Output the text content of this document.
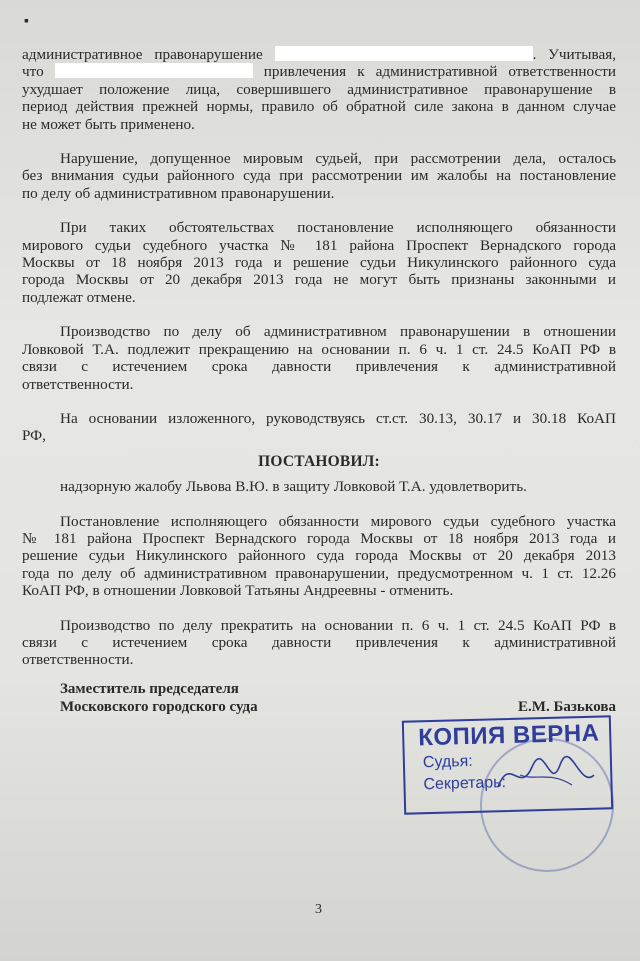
▪
административное правонарушение	. Учитывая,
что	привлечения к административной ответственности
ухудшает положение лица, совершившего административное правонарушение в
период действия прежней нормы, правило об обратной силе закона в данном случае
не может быть применено.
Нарушение, допущенное мировым судьей, при рассмотрении дела, осталось
без внимания судьи районного суда при рассмотрении им жалобы на постановление
по делу об административном правонарушении.
При таких обстоятельствах постановление исполняющего обязанности
мирового судьи судебного участка № 181 района Проспект Вернадского города
Москвы от 18 ноября 2013 года и решение судьи Никулинского районного суда
города Москвы от 20 декабря 2013 года не могут быть признаны законными и
подлежат отмене.
Производство по делу об административном правонарушении в отношении
Ловковой Т.А. подлежит прекращению на основании п. 6 ч. 1 ст. 24.5 КоАП РФ в
связи с истечением срока давности привлечения к административной
ответственности.
На основании изложенного, руководствуясь ст.ст. 30.13, 30.17 и 30.18 КоАП
РФ,
ПОСТАНОВИЛ:
надзорную жалобу Львова В.Ю. в защиту Ловковой Т.А. удовлетворить.
Постановление исполняющего обязанности мирового судьи судебного участка
№ 181 района Проспект Вернадского города Москвы от 18 ноября 2013 года и
решение судьи Никулинского районного суда города Москвы от 20 декабря 2013
года по делу об административном правонарушении, предусмотренном ч. 1 ст. 12.26
КоАП РФ, в отношении Ловковой Татьяны Андреевны - отменить.
Производство по делу прекратить на основании п. 6 ч. 1 ст. 24.5 КоАП РФ в
связи с истечением срока давности привлечения к административной
ответственности.
Заместитель председателя
Московского городского суда	Е.М. Базькова
КОПИЯ ВЕРНА
Судья:
Секретарь:
3
